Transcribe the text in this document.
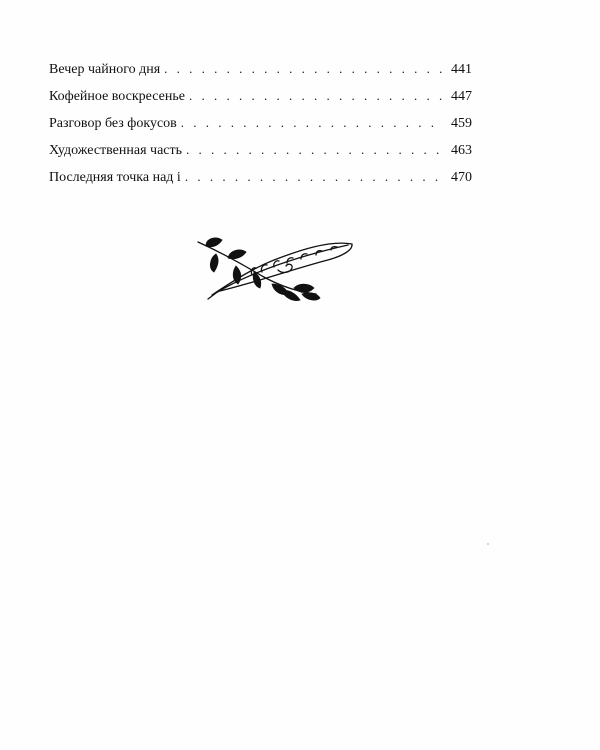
Вечер чайного дня . . .	441
Кофейное воскресенье . . .	447
Разговор без фокусов . . .	459
Художественная часть . . .	463
Последняя точка над і . . .	470
